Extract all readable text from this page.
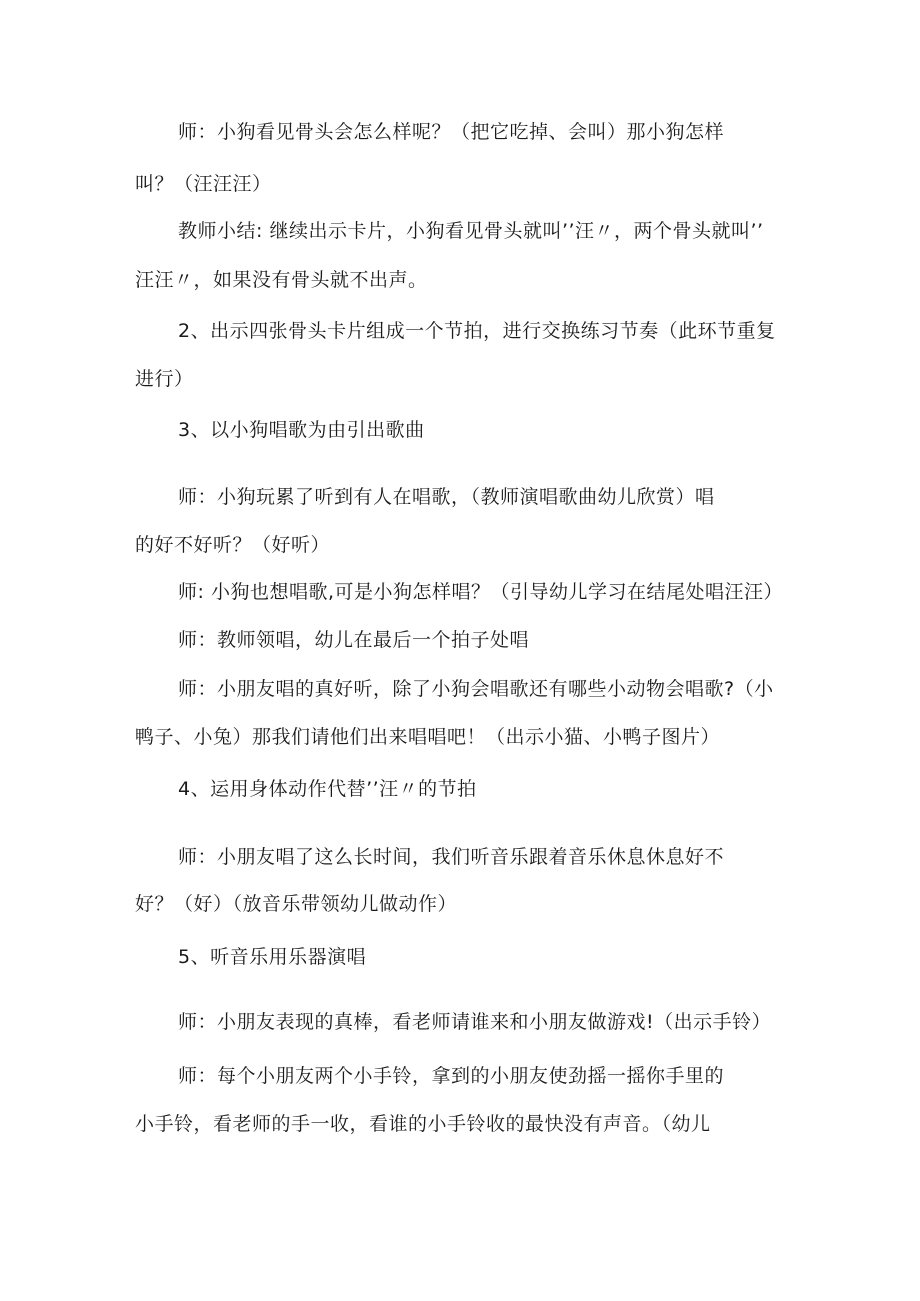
师：小狗看见骨头会怎么样呢？（把它吃掉、会叫）那小狗怎样
叫？（汪汪汪）
教师小结: 继续出示卡片，小狗看见骨头就叫’’汪〃，两个骨头就叫’’
汪汪〃，如果没有骨头就不出声。
2、出示四张骨头卡片组成一个节拍，进行交换练习节奏（此环节重复
进行）
3、以小狗唱歌为由引出歌曲
师：小狗玩累了听到有人在唱歌，（教师演唱歌曲幼儿欣赏）唱
的好不好听？（好听）
师: 小狗也想唱歌,可是小狗怎样唱？（引导幼儿学习在结尾处唱汪汪）
师：教师领唱，幼儿在最后一个拍子处唱
师：小朋友唱的真好听，除了小狗会唱歌还有哪些小动物会唱歌?（小
鸭子、小兔）那我们请他们出来唱唱吧！（出示小猫、小鸭子图片）
4、运用身体动作代替’’汪〃的节拍
师：小朋友唱了这么长时间，我们听音乐跟着音乐休息休息好不
好？（好）（放音乐带领幼儿做动作）
5、听音乐用乐器演唱
师：小朋友表现的真棒，看老师请谁来和小朋友做游戏!（出示手铃）
师：每个小朋友两个小手铃，拿到的小朋友使劲摇一摇你手里的
小手铃，看老师的手一收，看谁的小手铃收的最快没有声音。（幼儿
